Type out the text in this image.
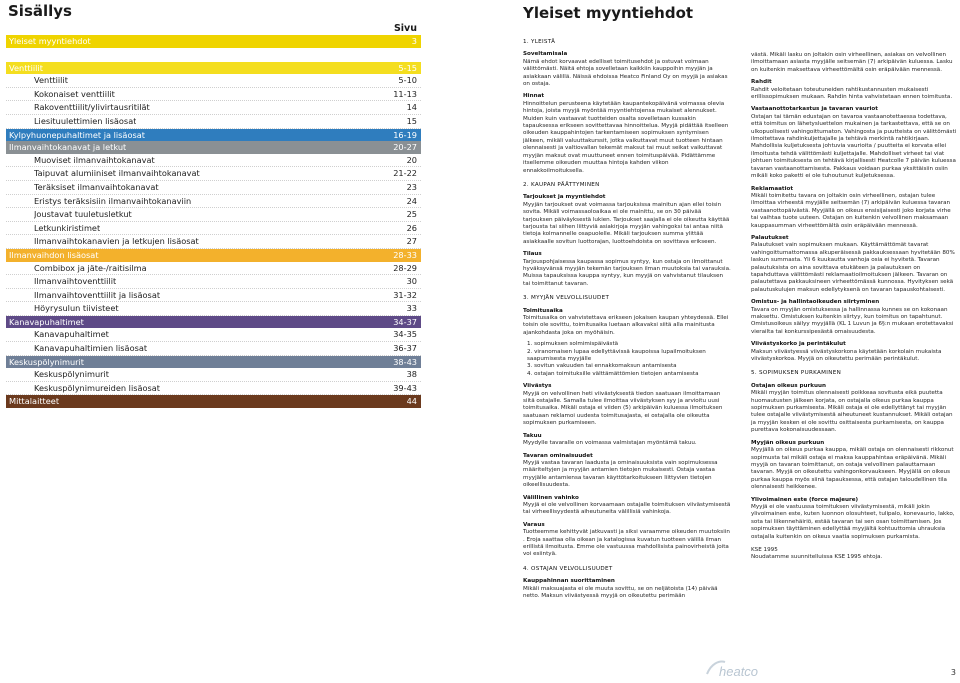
Sisällys
Sivu
Yleiset myyntiehdot	3
Venttiilit	5-15
Venttiilit	5-10
Kokonaiset venttiilit	11-13
Rakoventtiilit/ylivirtausritilät	14
Liesituulettimien lisäosat	15
Kylpyhuonepuhaltimet ja lisäosat	16-19
Ilmanvaihtokanavat ja letkut	20-27
Muoviset ilmanvaihtokanavat	20
Taipuvat alumiiniset ilmanvaihtokanavat	21-22
Teräksiset ilmanvaihtokanavat	23
Eristys teräksisiin ilmanvaihtokanaviin	24
Joustavat tuuletusletkut	25
Letkunkiristimet	26
Ilmanvaihtokanavien ja letkujen lisäosat	27
Ilmanvaihdon lisäosat	28-33
Combibox ja jäte-/raitisilma	28-29
Ilmanvaihtoventtiilit	30
Ilmanvaihtoventtiilit ja lisäosat	31-32
Höyrysulun tiivisteet	33
Kanavapuhaltimet	34-37
Kanavapuhaltimet	34-35
Kanavapuhaltimien lisäosat	36-37
Keskuspölynimurit	38-43
Keskuspölynimurit	38
Keskuspölynimureiden lisäosat	39-43
Mittalaitteet	44
Yleiset myyntiehdot
1. YLEISTÄ
Soveltamisala

Nämä ehdot korvaavat edelliset toimitusehdot ja ostuvat voimaan välittömästi. Näitä ehtoja sovelletaan kaikkiin kauppoihin myyjän ja asiakkaan välillä. Näissä ehdoissa Heatco Finland Oy on myyjä ja asiakas on ostaja.

Hinnat

Hinnoittelun perusteena käytetään kaupantekopäivänä voimassa olevia hintoja, joista myyjä myöntää myyntiehtojensa mukaiset alennukset. Muiden kuin vastaavat tuotteiden osalta sovelletaan kussakin tapauksessa erikseen sovittettavaa hinnoittelua. Myyjä pidättää itselleen oikeuden kauppahintojen tarkentamiseen sopimuksen syntymisen jälkeen, mikäli valuuttakurssit, jotka vaikuttavat muut tuotteen hintaan olennaisesti ja valtiovallan tekemät maksut tai muut seikat vaikuttavat myyjän maksut ovat muuttuneet ennen toimituspäivää. Pidättämme itsellemme oikeuden muuttaa hintoja kahden viikon ennakkoilmoituksella.

2. KAUPAN PÄÄTTYMINEN
Tarjoukset ja myyntiehdot

Myyjän tarjoukset ovat voimassa tarjouksissa mainitun ajan ellei toisin sovita. Mikäli voimassaoloaikaa ei ole mainittu, se on 30 päivää tarjouksen päiväyksestä lukien. Tarjoukset saajalla ei ole oikeutta käyttää tarjousta tai siihen liittyviä asiakirjoja myyjän vahingoksi tai antaa niitä tietoja kolmannelle osapuolelle. Mikäli tarjouksen summa ylittää asiakkaalle sovitun luottorajan, luottoehdoista on sovittava erikseen.

Tilaus

Tarjouspohjaisessa kaupassa sopimus syntyy, kun ostaja on ilmoittanut hyväksyvänsä myyjän tekemän tarjouksen ilman muutoksia tai varauksia. Muissa tapauksissa kauppa syntyy, kun myyjä on vahvistanut tilauksen tai toimittanut tavaran.

3. MYYJÄN VELVOLLISUUDET
Toimitusaika

Toimitusaika on vahvistettava erikseen jokaisen kaupan yhteydessä. Ellei toisin ole sovittu, toimitusaika luetaan alkavaksi siitä alla mainitusta ajankohdasta joka on myöhäisin.

1. sopimuksen solmimispäivästä
2. viranomaisen lupaa edellyttävissä kaupoissa lupailmoituksen saapumisesta myyjälle
3. sovitun vakuuden tai ennakkomaksun antamisesta
4. ostajan toimituksille välttämättömien tietojen antamisesta
Viivästys

Myyjä on velvollinen heti viivästyksestä tiedon saatuaan ilmoittamaan siitä ostajalle. Samalla tulee ilmoittaa viivästyksen syy ja arvioitu uusi toimitusaika. Mikäli ostaja ei viiden (5) arkipäivän kuluessa ilmoituksen saatuaan reklamoi uudesta toimitusajasta, ei ostajalla ole oikeutta sopimuksen purkamiseen.

Takuu

Myydylle tavaralle on voimassa valmistajan myöntämä takuu.

Tavaran ominaisuudet

Myyjä vastaa tavaran laadusta ja ominaisuuksista vain sopimuksessa määriteltyjen ja myyjän antamien tietojen mukaisesti. Ostaja vastaa myyjälle antamiensa tavaran käyttötarkoitukseen liittyvien tietojen oikeellisuudesta.

Välillinen vahinko

Myyjä ei ole velvollinen korvaamaan ostajalle toimituksen viivästymisestä tai virheellisyydestä aiheutuneita välillisiä vahinkoja.

Varaus

Tuotteemme kehittyvät jatkuvasti ja siksi varaamme oikeuden muutoksiin . Eroja saattaa olla oikean ja katalogissa kuvatun tuotteen välillä ilman erillistä ilmoitusta. Emme ole vastuussa mahdollisista painovirheistä joita voi esiintyä.

4. OSTAJAN VELVOLLISUUDET
Kauppahinnan suorittaminen

Mikäli maksuajasta ei ole muuta sovittu, se on neljätoista (14) päivää netto. Maksun viivästyessä myyjä on oikeutettu perimään

västä. Mikäli lasku on joltakin osin virheellinen, asiakas on velvollinen ilmoittamaan asiasta myyjälle seitsemän (7) arkipäivän kuluessa. Lasku on kuitenkin maksettava virheettömältä osin eräpäivään mennessä.

Rahdit

Rahdit veloitetaan toteutuneiden rahtikustannusten mukaisesti erillissopimuksen mukaan. Rahdin hinta vahvistetaan ennen toimitusta.

Vastaanottotarkastus ja tavaran vauriot

Ostajan tai tämän edustajan on tavaroa vastaanotettaessa todettava, että toimitus on lähetysluettelon mukainen ja tarkastettava, että se on ulkopuolisesti vahingoittumaton. Vahingosta ja puutteista on välittömästi ilmoitettava rahdinkuljettajalle ja tehtävä merkintä rahtikirjaan. Mahdollisia kuljetuksesta johtuvia vaurioita / puutteita ei korvata ellei ilmoitusta tehdä välittömästi kuljettajalle. Mahdolliset virheet tai viat johtuen toimituksesta on tehtävä kirjallisesti Heatcolle 7 päivän kuluessa tavaran vastaanottamisesta. Pakkaus voidaan purkaa yksittäisiin osiin mikäli koko paketti ei ole tuhoutunut kuljetuksessa.

Reklamaatiot

Mikäli toimitettu tavara on joltakin osin virheellinen, ostajan tulee ilmoittaa virheestä myyjälle seitsemän (7) arkipäivän kuluessa tavaran vastaanottopäivästä. Myyjällä on oikeus ensisijaisesti joko korjata virhe tai vaihtaa tuote uuteen. Ostajan on kuitenkin velvollinen maksamaan kauppasumman virheettömältä osin eräpäivään mennessä.

Palautukset

Palautukset vain sopimuksen mukaan. Käyttämättömät tavarat vahingoittumattomassa alkuperäisessä pakkauksessaan hyvitetään 80% laskun summasta. Yli 6 kuukautta vanhoja osia ei hyvitetä. Tavaran palautuksista on aina sovittava etukäteen ja palautuksen on tapahduttava välittömästi reklamaatioilmoituksen jälkeen. Tavaran on palautettava pakkauksineen virheettömässä kunnossa. Hyvityksen sekä palautuskulujen maksun edellytyksenä on tavaran tapauskohtaisesti.

Omistus- ja hallintaoikeuden siirtyminen

Tavara on myyjän omistuksessa ja hallinnassa kunnes se on kokonaan maksettu. Omistuksen kuitenkin siirtyy, kun toimitus on tapahtunut. Omistusoikeus säilyy myyjällä (KL 1 Luvun ja 6§:n mukaan erotettavaksi vierailta tai konkurssipesästä omaisuudesta.

Viivästyskorko ja perintäkulut

Maksun viivästyessä viivästyskorkona käytetään korkolain mukaista viivästyskorkoa. Myyjä on oikeutettu perimään perintäkulut.

5. SOPIMUKSEN PURKAMINEN
Ostajan oikeus purkuun

Mikäli myyjän toimitus olennaisesti poikkeaa sovitusta eikä puutetta huomautusten jälkeen korjata, on ostajalla oikeus purkaa kauppa sopimuksen purkamisesta. Mikäli ostaja ei ole edellyttänyt tai myyjän tulee ostajalle viivästymisestä aiheutuneet kustannukset. Mikäli ostajan ja myyjän kesken ei ole sovittu osittaisesta purkamisesta, on kauppa purettava kokonaisuudessaan.

Myyjän oikeus purkuun

Myyjällä on oikeus purkaa kauppa, mikäli ostaja on olennaisesti rikkonut sopimusta tai mikäli ostaja ei maksa kauppahintaa eräpäivänä. Mikäli myyjä on tavaran toimittanut, on ostaja velvollinen palauttamaan tavaran. Myyjä on oikeutettu vahingonkorvaukseen. Myyjällä on oikeus purkaa kauppa myös siinä tapauksessa, että ostajan taloudellinen tila olennaisesti heikkenee.

Ylivoimainen este (force majeure)

Myyjä ei ole vastuussa toimituksen viivästymisestä, mikäli jokin ylivoimainen este, kuten luonnon olosuhteet, tulipalo, konevaurio, lakko, sota tai liikennehäiriö, estää tavaran tai sen osan toimittamisen. Jos sopimuksen täyttäminen edellyttää myyjältä kohtuuttomia uhrauksia ostajalla kuitenkin on oikeus vaatia sopimuksen purkamista.

KSE 1995
Noudatamme suunnitelluissa KSE 1995 ehtoja.

heatco	3
